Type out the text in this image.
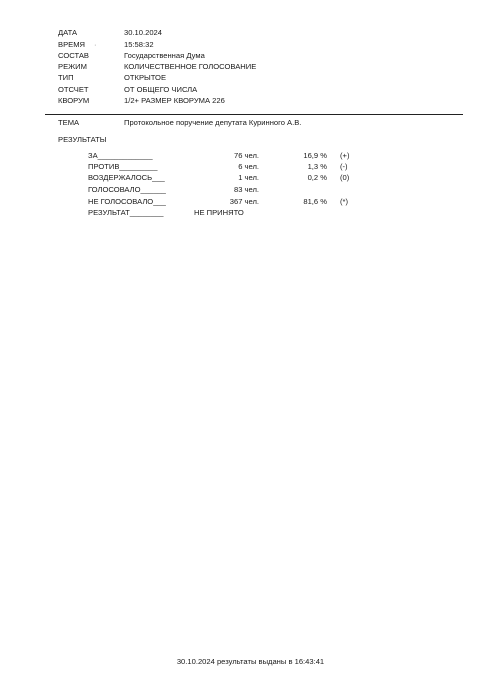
ДАТА	30.10.2024
ВРЕМЯ ·	15:58:32
СОСТАВ	Государственная Дума
РЕЖИМ	КОЛИЧЕСТВЕННОЕ ГОЛОСОВАНИЕ
ТИП	ОТКРЫТОЕ
ОТСЧЕТ	ОТ ОБЩЕГО ЧИСЛА
КВОРУМ	1/2+ РАЗМЕР КВОРУМА 226
ТЕМА	Протокольное поручение депутата Куринного А.В.
РЕЗУЛЬТАТЫ
ЗА_____________	76 чел.	16,9 % (+)
ПРОТИВ_________	6 чел.	1,3 % (-)
ВОЗДЕРЖАЛОСЬ___	1 чел.	0,2 % (0)
ГОЛОСОВАЛО______	83 чел.
НЕ ГОЛОСОВАЛО___	367 чел.	81,6 % (*)
РЕЗУЛЬТАТ________	НЕ ПРИНЯТО
30.10.2024 результаты выданы в 16:43:41
